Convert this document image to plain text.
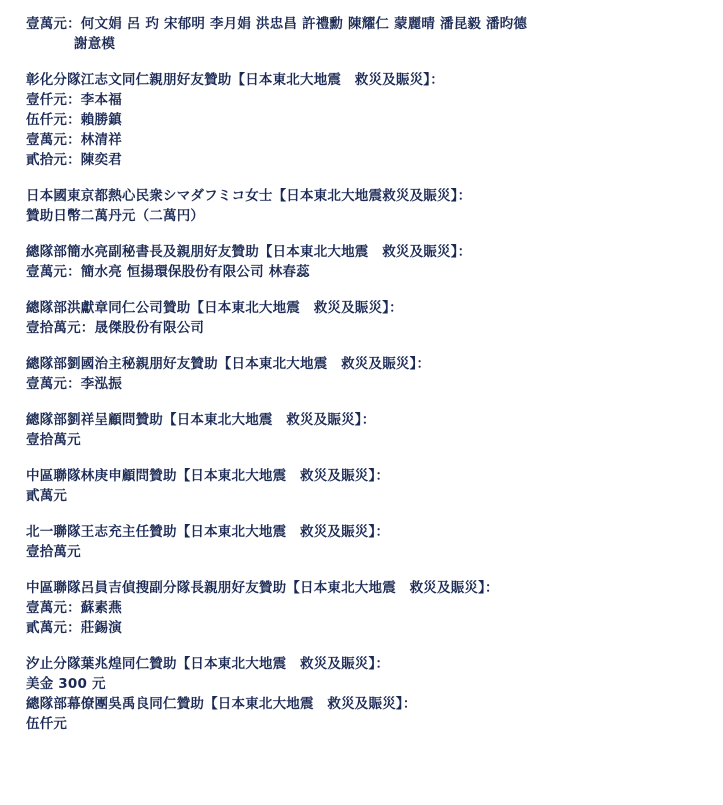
壹萬元：何文娟 呂 玓 宋郁明 李月娟 洪忠昌 許禮勳 陳耀仁 蒙麗晴 潘昆毅 潘昀德
謝意模
彰化分隊江志文同仁親朋好友贊助【日本東北大地震　救災及賑災】：
壹仟元：李本福
伍仟元：賴勝鎮
壹萬元：林清祥
貳拾元：陳奕君
日本國東京都熱心民衆シマダフミコ女士【日本東北大地震救災及賑災】：
贊助日幣二萬丹元（二萬円）
總隊部簡水亮副秘書長及親朋好友贊助【日本東北大地震　救災及賑災】：
壹萬元：簡水亮 恒揚環保股份有限公司 林春蕊
總隊部洪獻章同仁公司贊助【日本東北大地震　救災及賑災】：
壹拾萬元：晟傑股份有限公司
總隊部劉國治主秘親朋好友贊助【日本東北大地震　救災及賑災】：
壹萬元：李泓振
總隊部劉祥呈顧問贊助【日本東北大地震　救災及賑災】：
壹拾萬元
中區聯隊林庚申顧問贊助【日本東北大地震　救災及賑災】：
貳萬元
北一聯隊王志充主任贊助【日本東北大地震　救災及賑災】：
壹拾萬元
中區聯隊呂員吉偵搜副分隊長親朋好友贊助【日本東北大地震　救災及賑災】：
壹萬元：蘇素燕
貳萬元：莊錫演
汐止分隊葉兆煌同仁贊助【日本東北大地震　救災及賑災】：
美金 300 元
總隊部幕僚團吳禹良同仁贊助【日本東北大地震　救災及賑災】：
伍仟元
